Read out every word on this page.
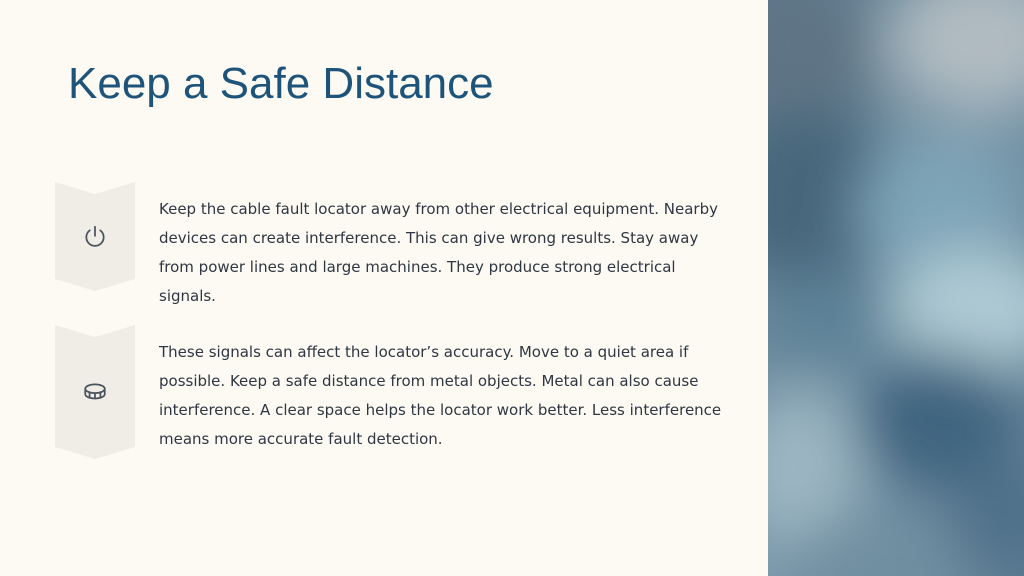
Keep a Safe Distance

Keep the cable fault locator away from other electrical equipment. Nearby devices can create interference. This can give wrong results. Stay away from power lines and large machines. They produce strong electrical signals.

These signals can affect the locator’s accuracy. Move to a quiet area if possible. Keep a safe distance from metal objects. Metal can also cause interference. A clear space helps the locator work better. Less interference means more accurate fault detection.
